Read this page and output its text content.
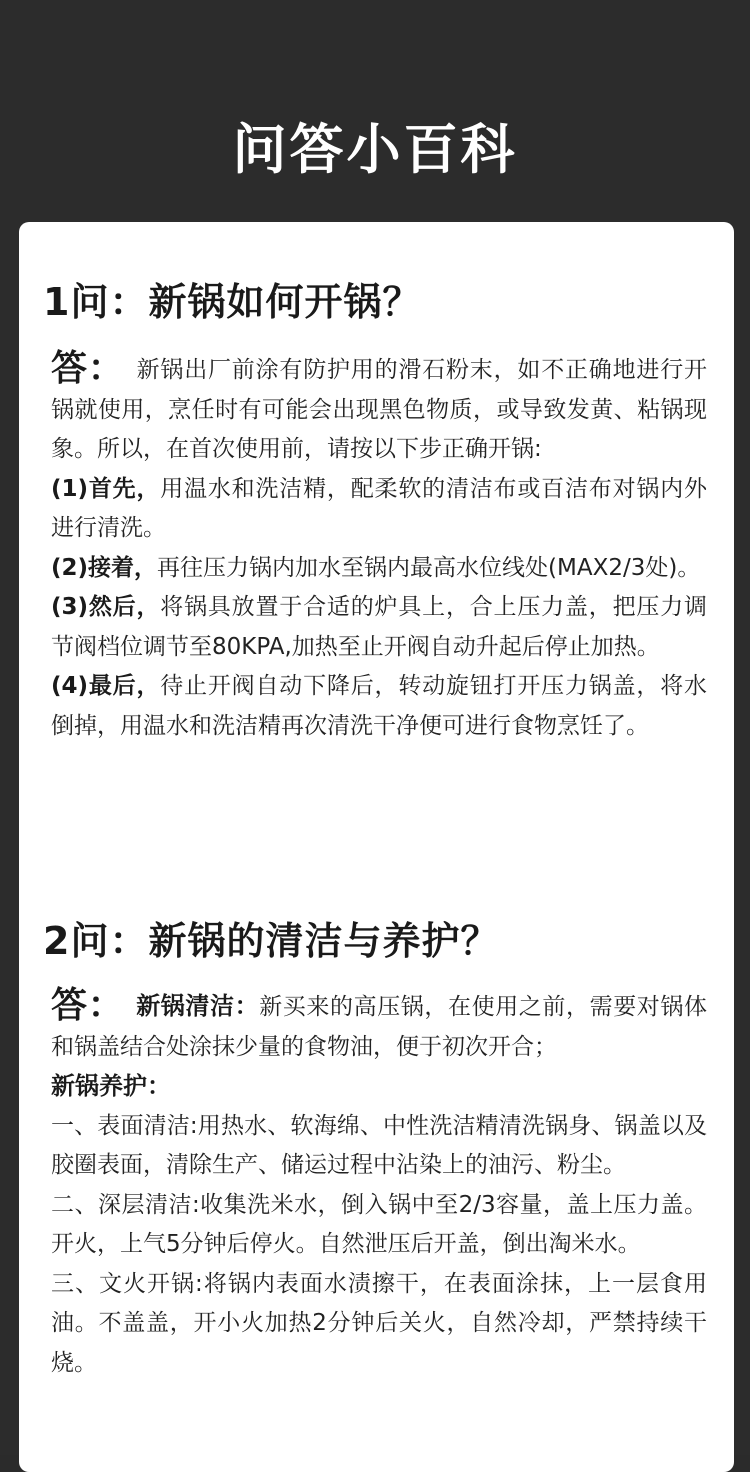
问答小百科
1问：新锅如何开锅？
答： 新锅出厂前涂有防护用的滑石粉末，如不正确地进行开锅就使用，烹任时有可能会出现黑色物质，或导致发黄、粘锅现象。所以，在首次使用前，请按以下步正确开锅:
(1)首先，用温水和洗洁精，配柔软的清洁布或百洁布对锅内外进行清洗。
(2)接着，再往压力锅内加水至锅内最高水位线处(MAX2/3处)。
(3)然后，将锅具放置于合适的炉具上，合上压力盖，把压力调节阀档位调节至80KPA,加热至止开阀自动升起后停止加热。
(4)最后，待止开阀自动下降后，转动旋钮打开压力锅盖，将水倒掉，用温水和洗洁精再次清洗干净便可进行食物烹饪了。
2问：新锅的清洁与养护？
答： 新锅清洁：新买来的高压锅，在使用之前，需要对锅体和锅盖结合处涂抹少量的食物油，便于初次开合；
新锅养护：
一、表面清洁:用热水、软海绵、中性洗洁精清洗锅身、锅盖以及胶圈表面，清除生产、储运过程中沾染上的油污、粉尘。
二、深层清洁:收集洗米水，倒入锅中至2/3容量，盖上压力盖。开火，上气5分钟后停火。自然泄压后开盖，倒出淘米水。
三、文火开锅:将锅内表面水渍擦干，在表面涂抹，上一层食用油。不盖盖，开小火加热2分钟后关火，自然冷却，严禁持续干烧。
